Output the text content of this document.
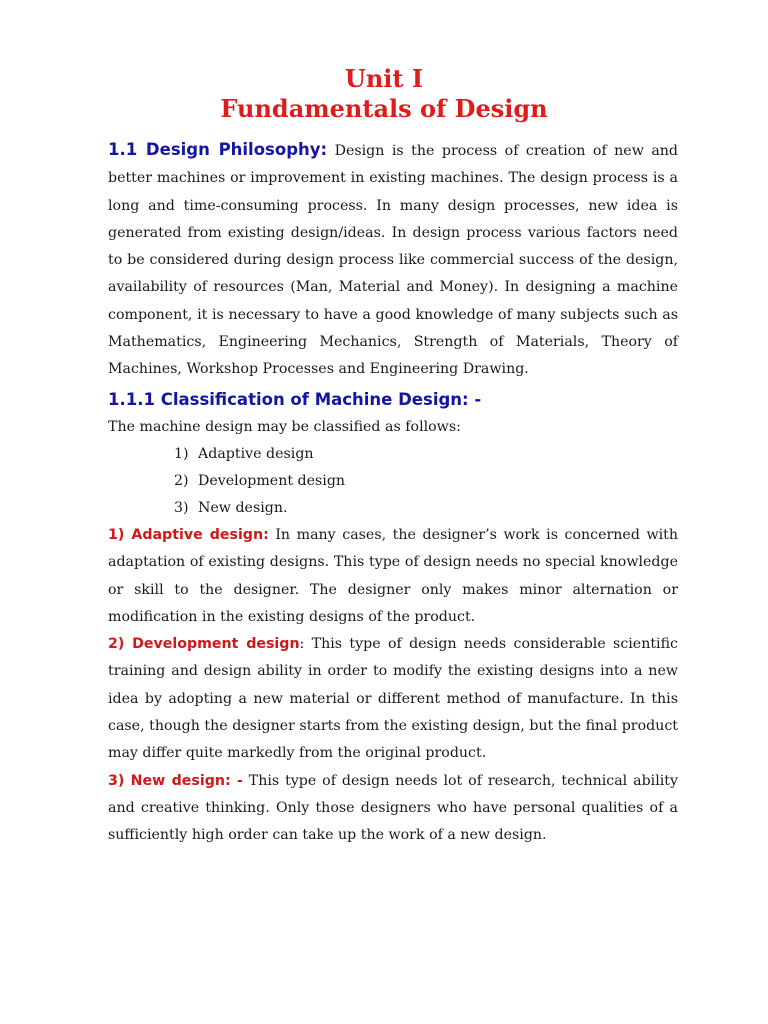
Unit I
Fundamentals of Design

1.1 Design Philosophy: Design is the process of creation of new and better machines or improvement in existing machines. The design process is a long and time-consuming process. In many design processes, new idea is generated from existing design/ideas. In design process various factors need to be considered during design process like commercial success of the design, availability of resources (Man, Material and Money). In designing a machine component, it is necessary to have a good knowledge of many subjects such as Mathematics, Engineering Mechanics, Strength of Materials, Theory of Machines, Workshop Processes and Engineering Drawing.

1.1.1 Classification of Machine Design: -

The machine design may be classified as follows:

1) Adaptive design
2) Development design
3) New design.

1) Adaptive design: In many cases, the designer’s work is concerned with adaptation of existing designs. This type of design needs no special knowledge or skill to the designer. The designer only makes minor alternation or modification in the existing designs of the product.

2) Development design: This type of design needs considerable scientific training and design ability in order to modify the existing designs into a new idea by adopting a new material or different method of manufacture. In this case, though the designer starts from the existing design, but the final product may differ quite markedly from the original product.

3) New design: - This type of design needs lot of research, technical ability and creative thinking. Only those designers who have personal qualities of a sufficiently high order can take up the work of a new design.
